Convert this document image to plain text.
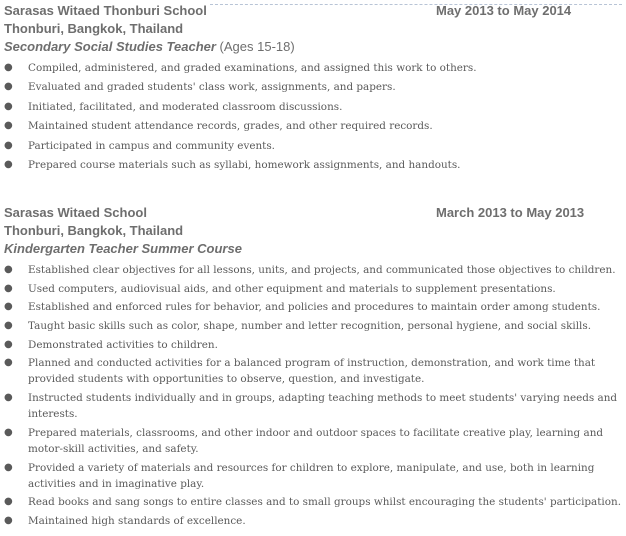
Sarasas Witaed Thonburi School	May 2013 to May 2014
Thonburi, Bangkok, Thailand
Secondary Social Studies Teacher (Ages 15-18)
●	Compiled, administered, and graded examinations, and assigned this work to others.
●	Evaluated and graded students' class work, assignments, and papers.
●	Initiated, facilitated, and moderated classroom discussions.
●	Maintained student attendance records, grades, and other required records.
●	Participated in campus and community events.
●	Prepared course materials such as syllabi, homework assignments, and handouts.
Sarasas Witaed School	March 2013 to May 2013
Thonburi, Bangkok, Thailand
Kindergarten Teacher Summer Course
●	Established clear objectives for all lessons, units, and projects, and communicated those objectives to children.
●	Used computers, audiovisual aids, and other equipment and materials to supplement presentations.
●	Established and enforced rules for behavior, and policies and procedures to maintain order among students.
●	Taught basic skills such as color, shape, number and letter recognition, personal hygiene, and social skills.
●	Demonstrated activities to children.
●	Planned and conducted activities for a balanced program of instruction, demonstration, and work time that provided students with opportunities to observe, question, and investigate.
●	Instructed students individually and in groups, adapting teaching methods to meet students' varying needs and interests.
●	Prepared materials, classrooms, and other indoor and outdoor spaces to facilitate creative play, learning and motor-skill activities, and safety.
●	Provided a variety of materials and resources for children to explore, manipulate, and use, both in learning activities and in imaginative play.
●	Read books and sang songs to entire classes and to small groups whilst encouraging the students' participation.
●	Maintained high standards of excellence.
